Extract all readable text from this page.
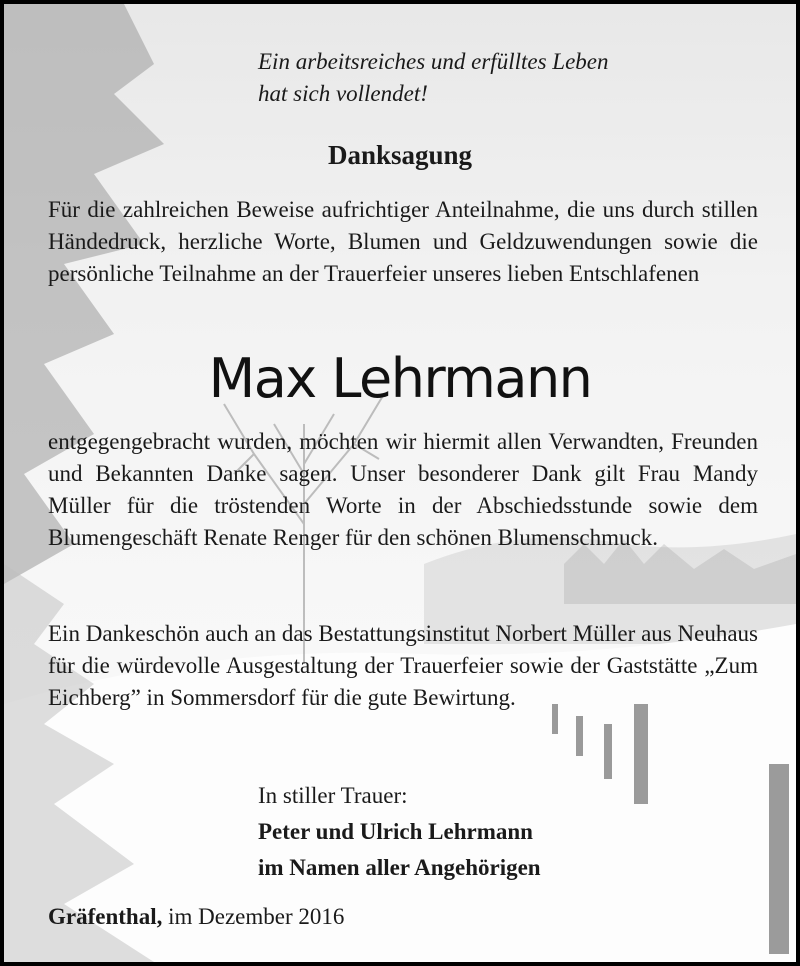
Ein arbeitsreiches und erfülltes Leben
hat sich vollendet!
Danksagung
Für die zahlreichen Beweise aufrichtiger Anteilnahme, die uns durch stillen Händedruck, herzliche Worte, Blumen und Geldzuwendungen sowie die persönliche Teilnahme an der Trauerfeier unseres lieben Entschlafenen
Max Lehrmann
entgegengebracht wurden, möchten wir hiermit allen Verwandten, Freunden und Bekannten Danke sagen. Unser besonderer Dank gilt Frau Mandy Müller für die tröstenden Worte in der Abschiedsstunde sowie dem Blumengeschäft Renate Renger für den schönen Blumenschmuck.
Ein Dankeschön auch an das Bestattungsinstitut Norbert Müller aus Neuhaus für die würdevolle Ausgestaltung der Trauerfeier sowie der Gaststätte „Zum Eichberg” in Sommersdorf für die gute Bewirtung.
In stiller Trauer:
Peter und Ulrich Lehrmann
im Namen aller Angehörigen
Gräfenthal, im Dezember 2016
